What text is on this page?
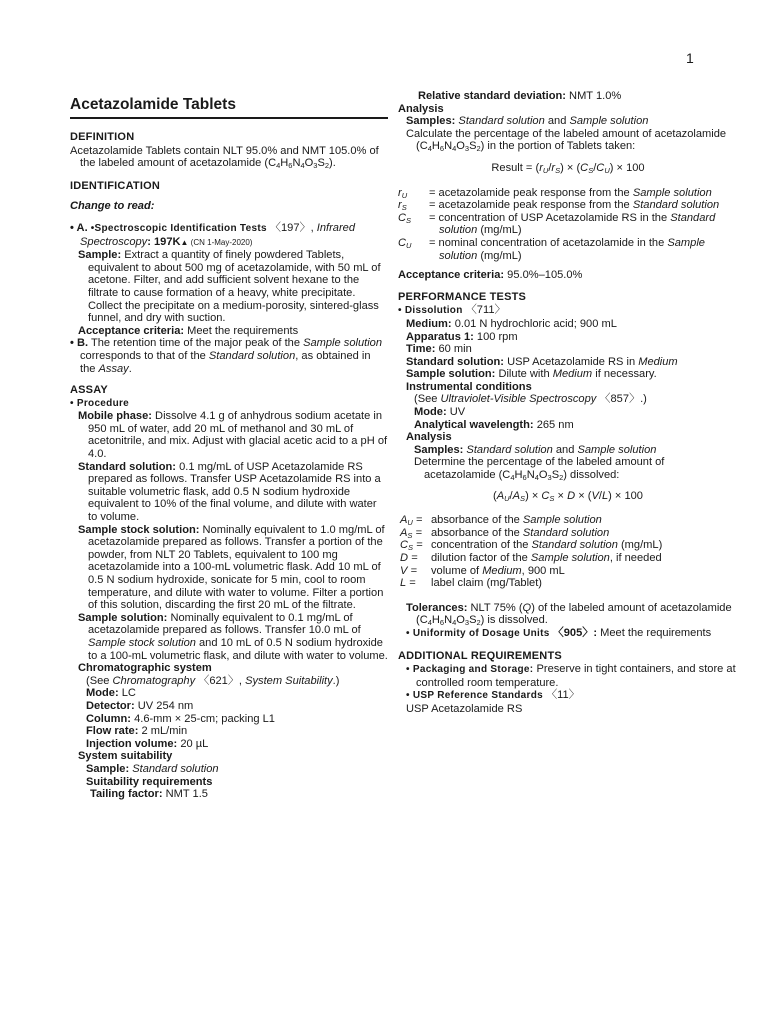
1
Acetazolamide Tablets
DEFINITION

Acetazolamide Tablets contain NLT 95.0% and NMT 105.0% of the labeled amount of acetazolamide $(C_4H_6N_4O_3S_2)$.

IDENTIFICATION
Change to read:

• A. •Spectroscopic Identification Tests 〈197〉, Infrared Spectroscopy: 197K▲ (CN 1-May-2020)

Sample: Extract a quantity of finely powdered Tablets, equivalent to about 500 mg of acetazolamide, with 50 mL of acetone. Filter, and add sufficient solvent hexane to the filtrate to cause formation of a heavy, white precipitate. Collect the precipitate on a medium-porosity, sintered-glass funnel, and dry with suction.

Acceptance criteria: Meet the requirements

• B. The retention time of the major peak of the Sample solution corresponds to that of the Standard solution, as obtained in the Assay.

ASSAY

• Procedure

Mobile phase: Dissolve 4.1 g of anhydrous sodium acetate in 950 mL of water, add 20 mL of methanol and 30 mL of acetonitrile, and mix. Adjust with glacial acetic acid to a pH of 4.0.

Standard solution: 0.1 mg/mL of USP Acetazolamide RS prepared as follows. Transfer USP Acetazolamide RS into a suitable volumetric flask, add 0.5 N sodium hydroxide equivalent to 10% of the final volume, and dilute with water to volume.

Sample stock solution: Nominally equivalent to 1.0 mg/mL of acetazolamide prepared as follows. Transfer a portion of the powder, from NLT 20 Tablets, equivalent to 100 mg acetazolamide into a 100-mL volumetric flask. Add 10 mL of 0.5 N sodium hydroxide, sonicate for 5 min, cool to room temperature, and dilute with water to volume. Filter a portion of this solution, discarding the first 20 mL of the filtrate.

Sample solution: Nominally equivalent to 0.1 mg/mL of acetazolamide prepared as follows. Transfer 10.0 mL of Sample stock solution and 10 mL of 0.5 N sodium hydroxide to a 100-mL volumetric flask, and dilute with water to volume.

Chromatographic system

(See Chromatography 〈621〉, System Suitability.)

Mode: LC

Detector: UV 254 nm

Column: 4.6-mm × 25-cm; packing L1

Flow rate: 2 mL/min

Injection volume: 20 µL

System suitability

Sample: Standard solution

Suitability requirements

Tailing factor: NMT 1.5

Relative standard deviation: NMT 1.0%

Analysis

Samples: Standard solution and Sample solution

Calculate the percentage of the labeled amount of acetazolamide $(C_4H_6N_4O_3S_2)$ in the portion of Tablets taken:

Result = $(r_U/r_S) \times (C_S/C_U) \times 100$
$r_U$	= acetazolamide peak response from the Sample solution
$r_S$	= acetazolamide peak response from the Standard solution
$C_S$	= concentration of USP Acetazolamide RS in the Standard solution (mg/mL)
$C_U$	= nominal concentration of acetazolamide in the Sample solution (mg/mL)

Acceptance criteria: 95.0%–105.0%

PERFORMANCE TESTS

• Dissolution 〈711〉

Medium: 0.01 N hydrochloric acid; 900 mL

Apparatus 1: 100 rpm

Time: 60 min

Standard solution: USP Acetazolamide RS in Medium

Sample solution: Dilute with Medium if necessary.

Instrumental conditions

(See Ultraviolet-Visible Spectroscopy 〈857〉.)

Mode: UV

Analytical wavelength: 265 nm

Analysis

Samples: Standard solution and Sample solution

Determine the percentage of the labeled amount of acetazolamide $(C_4H_6N_4O_3S_2)$ dissolved:

$(A_U/A_S) \times C_S \times D \times (V/L) \times 100$
$A_U$ = absorbance of the Sample solution
$A_S$ = absorbance of the Standard solution
$C_S$ = concentration of the Standard solution (mg/mL)
D =	dilution factor of the Sample solution, if needed
V =	volume of Medium, 900 mL
L =	label claim (mg/Tablet)

Tolerances: NLT 75% (Q) of the labeled amount of acetazolamide $(C_4H_6N_4O_3S_2)$ is dissolved.

• Uniformity of Dosage Units 〈905〉: Meet the requirements

ADDITIONAL REQUIREMENTS

• Packaging and Storage: Preserve in tight containers, and store at controlled room temperature.

• USP Reference Standards 〈11〉

USP Acetazolamide RS
